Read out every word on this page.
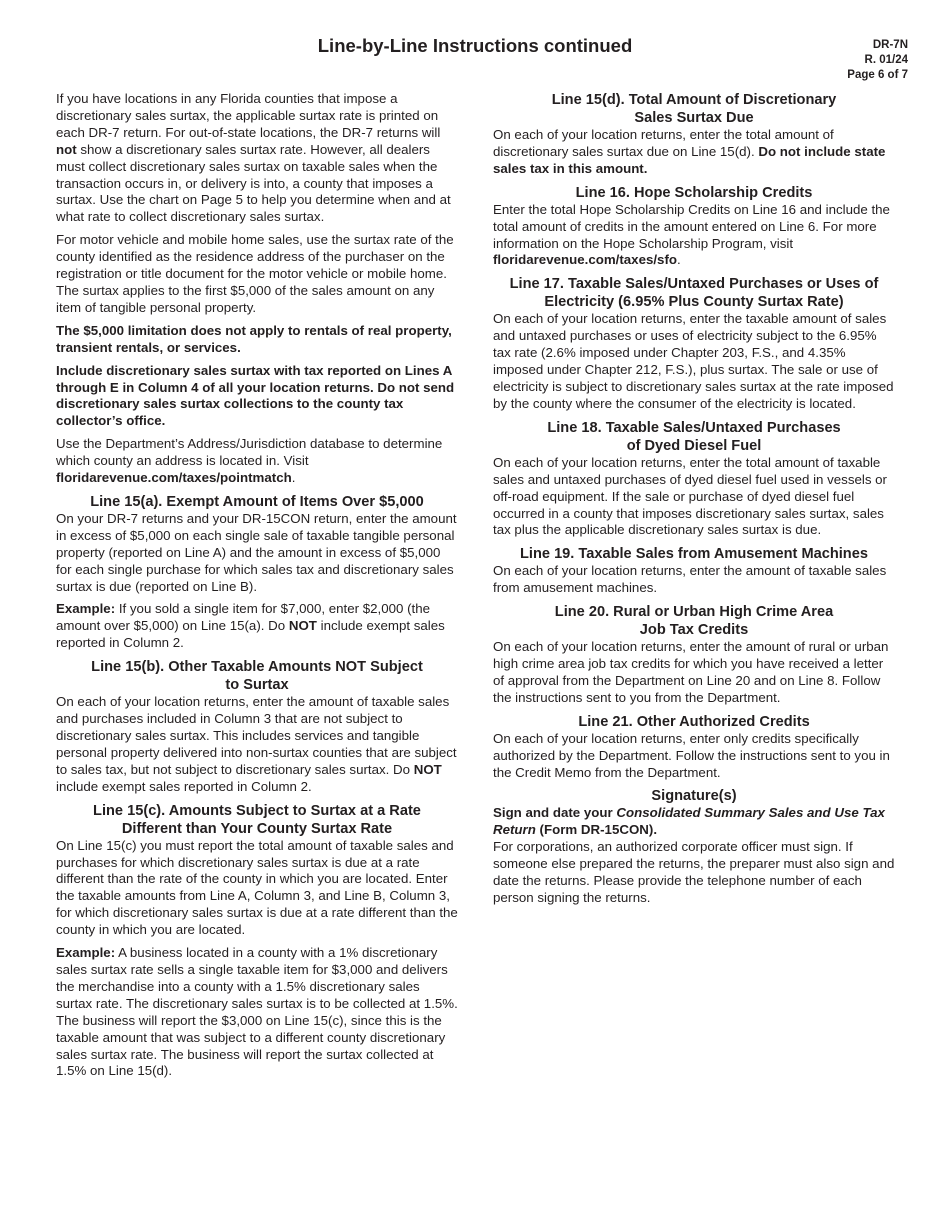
Line-by-Line Instructions continued	DR-7N
R. 01/24
Page 6 of 7

If you have locations in any Florida counties that impose a discretionary sales surtax, the applicable surtax rate is printed on each DR-7 return. For out-of-state locations, the DR-7 returns will not show a discretionary sales surtax rate. However, all dealers must collect discretionary sales surtax on taxable sales when the transaction occurs in, or delivery is into, a county that imposes a surtax. Use the chart on Page 5 to help you determine when and at what rate to collect discretionary sales surtax.

For motor vehicle and mobile home sales, use the surtax rate of the county identified as the residence address of the purchaser on the registration or title document for the motor vehicle or mobile home. The surtax applies to the first $5,000 of the sales amount on any item of tangible personal property.

The $5,000 limitation does not apply to rentals of real property, transient rentals, or services.

Include discretionary sales surtax with tax reported on Lines A through E in Column 4 of all your location returns. Do not send discretionary sales surtax collections to the county tax collector’s office.

Use the Department’s Address/Jurisdiction database to determine which county an address is located in. Visit floridarevenue.com/taxes/pointmatch.

Line 15(a). Exempt Amount of Items Over $5,000

On your DR-7 returns and your DR-15CON return, enter the amount in excess of $5,000 on each single sale of taxable tangible personal property (reported on Line A) and the amount in excess of $5,000 for each single purchase for which sales tax and discretionary sales surtax is due (reported on Line B).

Example: If you sold a single item for $7,000, enter $2,000 (the amount over $5,000) on Line 15(a). Do NOT include exempt sales reported in Column 2.

Line 15(b). Other Taxable Amounts NOT Subject
to Surtax

On each of your location returns, enter the amount of taxable sales and purchases included in Column 3 that are not subject to discretionary sales surtax. This includes services and tangible personal property delivered into non-surtax counties that are subject to sales tax, but not subject to discretionary sales surtax. Do NOT include exempt sales reported in Column 2.

Line 15(c). Amounts Subject to Surtax at a Rate
Different than Your County Surtax Rate

On Line 15(c) you must report the total amount of taxable sales and purchases for which discretionary sales surtax is due at a rate different than the rate of the county in which you are located. Enter the taxable amounts from Line A, Column 3, and Line B, Column 3, for which discretionary sales surtax is due at a rate different than the county in which you are located.

Example: A business located in a county with a 1% discretionary sales surtax rate sells a single taxable item for $3,000 and delivers the merchandise into a county with a 1.5% discretionary sales surtax rate. The discretionary sales surtax is to be collected at 1.5%. The business will report the $3,000 on Line 15(c), since this is the taxable amount that was subject to a different county discretionary sales surtax rate. The business will report the surtax collected at 1.5% on Line 15(d).

Line 15(d). Total Amount of Discretionary
Sales Surtax Due

On each of your location returns, enter the total amount of discretionary sales surtax due on Line 15(d). Do not include state sales tax in this amount.

Line 16. Hope Scholarship Credits

Enter the total Hope Scholarship Credits on Line 16 and include the total amount of credits in the amount entered on Line 6. For more information on the Hope Scholarship Program, visit floridarevenue.com/taxes/sfo.

Line 17. Taxable Sales/Untaxed Purchases or Uses of
Electricity (6.95% Plus County Surtax Rate)

On each of your location returns, enter the taxable amount of sales and untaxed purchases or uses of electricity subject to the 6.95% tax rate (2.6% imposed under Chapter 203, F.S., and 4.35% imposed under Chapter 212, F.S.), plus surtax. The sale or use of electricity is subject to discretionary sales surtax at the rate imposed by the county where the consumer of the electricity is located.

Line 18. Taxable Sales/Untaxed Purchases
of Dyed Diesel Fuel

On each of your location returns, enter the total amount of taxable sales and untaxed purchases of dyed diesel fuel used in vessels or off-road equipment. If the sale or purchase of dyed diesel fuel occurred in a county that imposes discretionary sales surtax, sales tax plus the applicable discretionary sales surtax is due.

Line 19. Taxable Sales from Amusement Machines

On each of your location returns, enter the amount of taxable sales from amusement machines.

Line 20. Rural or Urban High Crime Area
Job Tax Credits

On each of your location returns, enter the amount of rural or urban high crime area job tax credits for which you have received a letter of approval from the Department on Line 20 and on Line 8. Follow the instructions sent to you from the Department.

Line 21. Other Authorized Credits

On each of your location returns, enter only credits specifically authorized by the Department. Follow the instructions sent to you in the Credit Memo from the Department.

Signature(s)

Sign and date your Consolidated Summary Sales and Use Tax Return (Form DR-15CON).

For corporations, an authorized corporate officer must sign. If someone else prepared the returns, the preparer must also sign and date the returns. Please provide the telephone number of each person signing the returns.
